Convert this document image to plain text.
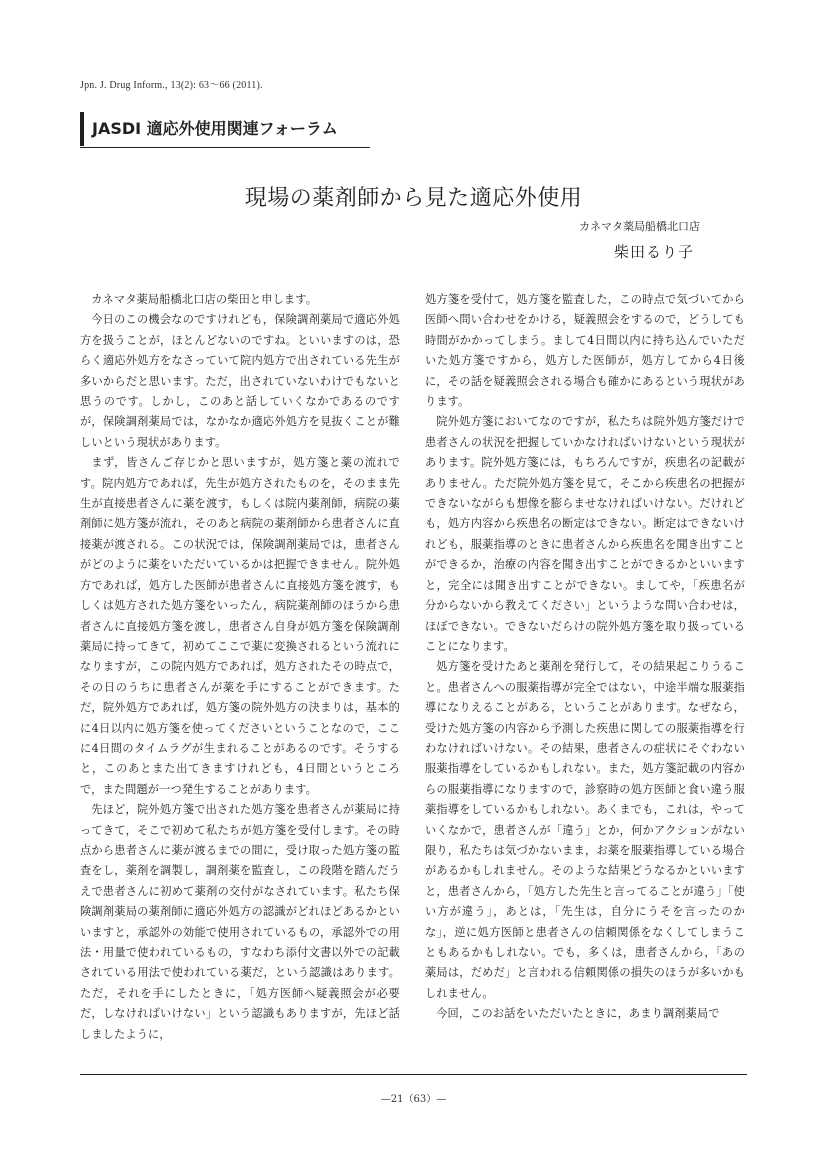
Jpn. J. Drug Inform., 13(2): 63～66 (2011).
JASDI 適応外使用関連フォーラム
現場の薬剤師から見た適応外使用
カネマタ薬局船橋北口店
柴田るり子

カネマタ薬局船橋北口店の柴田と申します。

今日のこの機会なのですけれども，保険調剤薬局で適応外処方を扱うことが，ほとんどないのですね。といいますのは，恐らく適応外処方をなさっていて院内処方で出されている先生が多いからだと思います。ただ，出されていないわけでもないと思うのです。しかし，このあと話していくなかであるのですが，保険調剤薬局では，なかなか適応外処方を見抜くことが難しいという現状があります。

まず，皆さんご存じかと思いますが，処方箋と薬の流れです。院内処方であれば，先生が処方されたものを，そのまま先生が直接患者さんに薬を渡す，もしくは院内薬剤師，病院の薬剤師に処方箋が流れ，そのあと病院の薬剤師から患者さんに直接薬が渡される。この状況では，保険調剤薬局では，患者さんがどのように薬をいただいているかは把握できません。院外処方であれば，処方した医師が患者さんに直接処方箋を渡す，もしくは処方された処方箋をいったん，病院薬剤師のほうから患者さんに直接処方箋を渡し，患者さん自身が処方箋を保険調剤薬局に持ってきて，初めてここで薬に変換されるという流れになりますが，この院内処方であれば，処方されたその時点で，その日のうちに患者さんが薬を手にすることができます。ただ，院外処方であれば，処方箋の院外処方の決まりは，基本的に4日以内に処方箋を使ってくださいということなので，ここに4日間のタイムラグが生まれることがあるのです。そうすると，このあとまた出てきますけれども，4日間というところで，また問題が一つ発生することがあります。

先ほど，院外処方箋で出された処方箋を患者さんが薬局に持ってきて，そこで初めて私たちが処方箋を受付します。その時点から患者さんに薬が渡るまでの間に，受け取った処方箋の監査をし，薬剤を調製し，調剤薬を監査し，この段階を踏んだうえで患者さんに初めて薬剤の交付がなされています。私たち保険調剤薬局の薬剤師に適応外処方の認識がどれほどあるかといいますと，承認外の効能で使用されているもの，承認外での用法・用量で使われているもの，すなわち添付文書以外での記載されている用法で使われている薬だ，という認識はあります。ただ，それを手にしたときに，「処方医師へ疑義照会が必要だ，しなければいけない」という認識もありますが，先ほど話しましたように，

処方箋を受付て，処方箋を監査した，この時点で気づいてから医師へ問い合わせをかける，疑義照会をするので，どうしても時間がかかってしまう。まして4日間以内に持ち込んでいただいた処方箋ですから，処方した医師が，処方してから4日後に，その話を疑義照会される場合も確かにあるという現状があります。

院外処方箋においてなのですが，私たちは院外処方箋だけで患者さんの状況を把握していかなければいけないという現状があります。院外処方箋には，もちろんですが，疾患名の記載がありません。ただ院外処方箋を見て，そこから疾患名の把握ができないながらも想像を膨らませなければいけない。だけれども，処方内容から疾患名の断定はできない。断定はできないけれども，服薬指導のときに患者さんから疾患名を聞き出すことができるか，治療の内容を聞き出すことができるかといいますと，完全には聞き出すことができない。ましてや，「疾患名が分からないから教えてください」というような問い合わせは，ほぼできない。できないだらけの院外処方箋を取り扱っていることになります。

処方箋を受けたあと薬剤を発行して，その結果起こりうること。患者さんへの服薬指導が完全ではない，中途半端な服薬指導になりえることがある，ということがあります。なぜなら，受けた処方箋の内容から予測した疾患に関しての服薬指導を行わなければいけない。その結果，患者さんの症状にそぐわない服薬指導をしているかもしれない。また，処方箋記載の内容からの服薬指導になりますので，診察時の処方医師と食い違う服薬指導をしているかもしれない。あくまでも，これは，やっていくなかで，患者さんが「違う」とか，何かアクションがない限り，私たちは気づかないまま，お薬を服薬指導している場合があるかもしれません。そのような結果どうなるかといいますと，患者さんから，「処方した先生と言ってることが違う」「使い方が違う」，あとは，「先生は，自分にうそを言ったのかな」，逆に処方医師と患者さんの信頼関係をなくしてしまうこともあるかもしれない。でも，多くは，患者さんから，「あの薬局は，だめだ」と言われる信頼関係の損失のほうが多いかもしれません。

今回，このお話をいただいたときに，あまり調剤薬局で

—21（63）—
